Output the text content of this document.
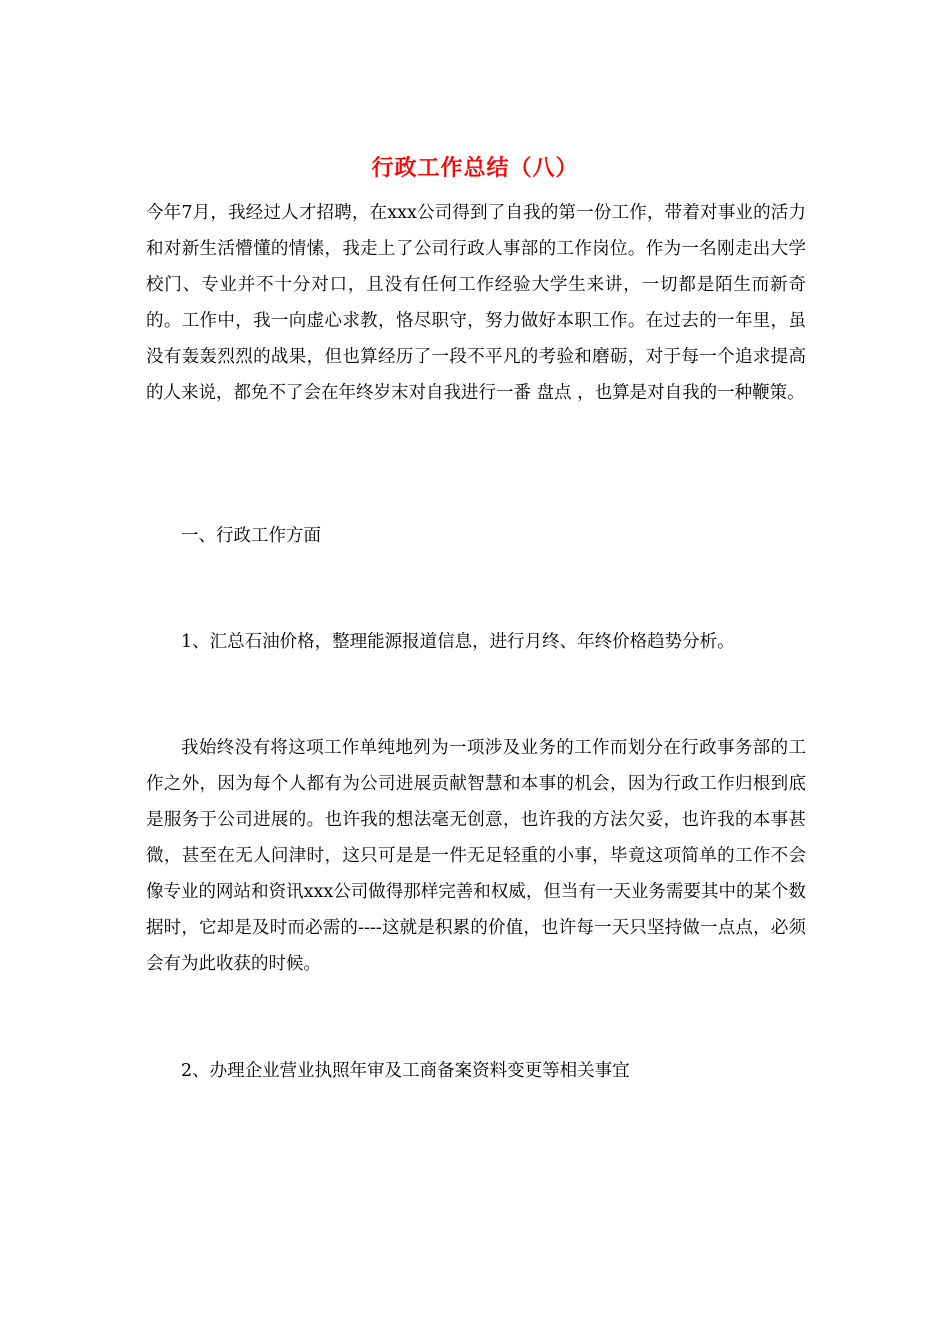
行政工作总结（八）

今年7月，我经过人才招聘，在xxx公司得到了自我的第一份工作，带着对事业的活力和对新生活懵懂的情愫，我走上了公司行政人事部的工作岗位。作为一名刚走出大学校门、专业并不十分对口，且没有任何工作经验大学生来讲，一切都是陌生而新奇的。工作中，我一向虚心求教，恪尽职守，努力做好本职工作。在过去的一年里，虽没有轰轰烈烈的战果，但也算经历了一段不平凡的考验和磨砺，对于每一个追求提高的人来说，都免不了会在年终岁末对自我进行一番 盘点 ，也算是对自我的一种鞭策。

一、行政工作方面

1、汇总石油价格，整理能源报道信息，进行月终、年终价格趋势分析。

我始终没有将这项工作单纯地列为一项涉及业务的工作而划分在行政事务部的工作之外，因为每个人都有为公司进展贡献智慧和本事的机会，因为行政工作归根到底是服务于公司进展的。也许我的想法毫无创意，也许我的方法欠妥，也许我的本事甚微，甚至在无人问津时，这只可是是一件无足轻重的小事，毕竟这项简单的工作不会像专业的网站和资讯xxx公司做得那样完善和权威，但当有一天业务需要其中的某个数据时，它却是及时而必需的----这就是积累的价值，也许每一天只坚持做一点点，必须会有为此收获的时候。

2、办理企业营业执照年审及工商备案资料变更等相关事宜
